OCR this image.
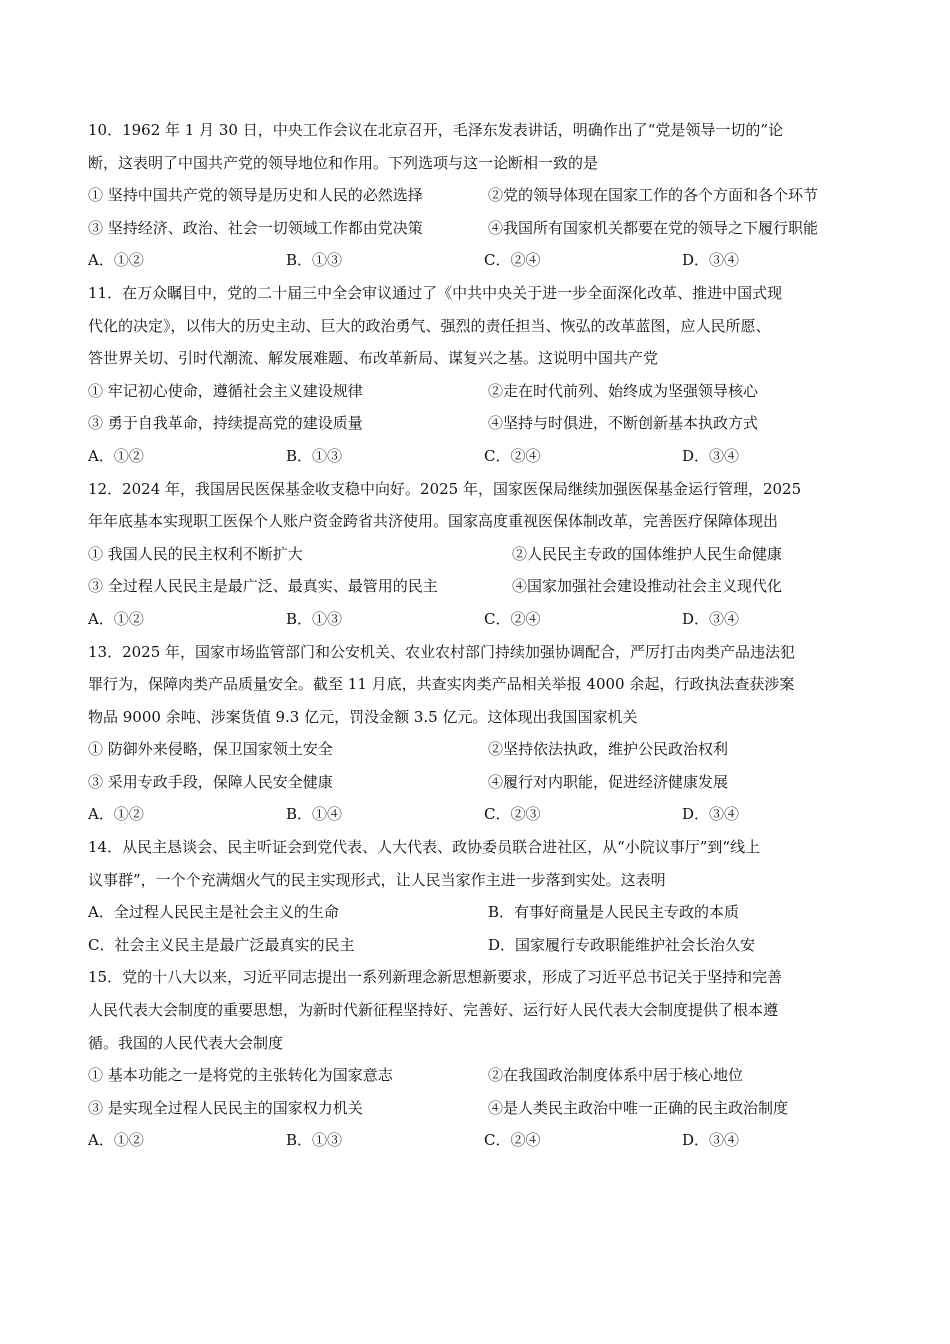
10．1962 年 1 月 30 日，中央工作会议在北京召开，毛泽东发表讲话，明确作出了“党是领导一切的”论
断，这表明了中国共产党的领导地位和作用。下列选项与这一论断相一致的是
① 坚持中国共产党的领导是历史和人民的必然选择	②党的领导体现在国家工作的各个方面和各个环节
③ 坚持经济、政治、社会一切领域工作都由党决策	④我国所有国家机关都要在党的领导之下履行职能
A．①②	B．①③	C．②④	D．③④
11．在万众瞩目中，党的二十届三中全会审议通过了《中共中央关于进一步全面深化改革、推进中国式现
代化的决定》，以伟大的历史主动、巨大的政治勇气、强烈的责任担当、恢弘的改革蓝图，应人民所愿、
答世界关切、引时代潮流、解发展难题、布改革新局、谋复兴之基。这说明中国共产党
① 牢记初心使命，遵循社会主义建设规律	②走在时代前列、始终成为坚强领导核心
③ 勇于自我革命，持续提高党的建设质量	④坚持与时俱进，不断创新基本执政方式
A．①②	B．①③	C．②④	D．③④
12．2024 年，我国居民医保基金收支稳中向好。2025 年，国家医保局继续加强医保基金运行管理，2025
年年底基本实现职工医保个人账户资金跨省共济使用。国家高度重视医保体制改革，完善医疗保障体现出
① 我国人民的民主权利不断扩大	②人民民主专政的国体维护人民生命健康
③ 全过程人民民主是最广泛、最真实、最管用的民主	④国家加强社会建设推动社会主义现代化
A．①②	B．①③	C．②④	D．③④
13．2025 年，国家市场监管部门和公安机关、农业农村部门持续加强协调配合，严厉打击肉类产品违法犯
罪行为，保障肉类产品质量安全。截至 11 月底，共查实肉类产品相关举报 4000 余起，行政执法查获涉案
物品 9000 余吨、涉案货值 9.3 亿元，罚没金额 3.5 亿元。这体现出我国国家机关
① 防御外来侵略，保卫国家领土安全	②坚持依法执政，维护公民政治权利
③ 采用专政手段，保障人民安全健康	④履行对内职能，促进经济健康发展
A．①②	B．①④	C．②③	D．③④
14．从民主恳谈会、民主听证会到党代表、人大代表、政协委员联合进社区，从“小院议事厅”到“线上
议事群”，一个个充满烟火气的民主实现形式，让人民当家作主进一步落到实处。这表明
A．全过程人民民主是社会主义的生命	B．有事好商量是人民民主专政的本质
C．社会主义民主是最广泛最真实的民主	D．国家履行专政职能维护社会长治久安
15．党的十八大以来，习近平同志提出一系列新理念新思想新要求，形成了习近平总书记关于坚持和完善
人民代表大会制度的重要思想，为新时代新征程坚持好、完善好、运行好人民代表大会制度提供了根本遵
循。我国的人民代表大会制度
① 基本功能之一是将党的主张转化为国家意志	②在我国政治制度体系中居于核心地位
③ 是实现全过程人民民主的国家权力机关	④是人类民主政治中唯一正确的民主政治制度
A．①②	B．①③	C．②④	D．③④
